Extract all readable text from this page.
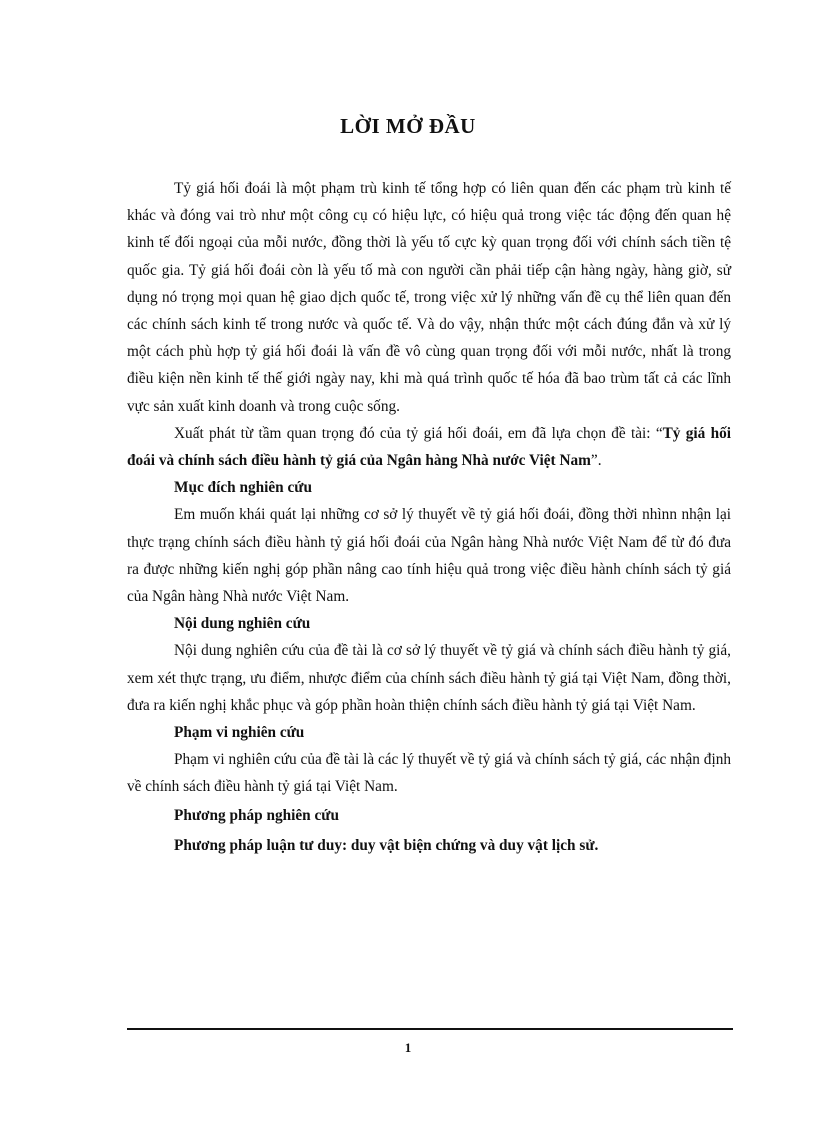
LỜI MỞ ĐẦU

Tỷ giá hối đoái là một phạm trù kinh tế tổng hợp có liên quan đến các phạm trù kinh tế khác và đóng vai trò như một công cụ có hiệu lực, có hiệu quả trong việc tác động đến quan hệ kinh tế đối ngoại của mỗi nước, đồng thời là yếu tố cực kỳ quan trọng đối với chính sách tiền tệ quốc gia. Tỷ giá hối đoái còn là yếu tố mà con người cần phải tiếp cận hàng ngày, hàng giờ, sử dụng nó trọng mọi quan hệ giao dịch quốc tế, trong việc xử lý những vấn đề cụ thể liên quan đến các chính sách kinh tế trong nước và quốc tế. Và do vậy, nhận thức một cách đúng đắn và xử lý một cách phù hợp tỷ giá hối đoái là vấn đề vô cùng quan trọng đối với mỗi nước, nhất là trong điều kiện nền kinh tế thế giới ngày nay, khi mà quá trình quốc tế hóa đã bao trùm tất cả các lĩnh vực sản xuất kinh doanh và trong cuộc sống.

Xuất phát từ tầm quan trọng đó của tỷ giá hối đoái, em đã lựa chọn đề tài: “Tỷ giá hối đoái và chính sách điều hành tỷ giá của Ngân hàng Nhà nước Việt Nam”.

Mục đích nghiên cứu

Em muốn khái quát lại những cơ sở lý thuyết về tỷ giá hối đoái, đồng thời nhìnn nhận lại thực trạng chính sách điều hành tỷ giá hối đoái của Ngân hàng Nhà nước Việt Nam để từ đó đưa ra được những kiến nghị góp phần nâng cao tính hiệu quả trong việc điều hành chính sách tỷ giá của Ngân hàng Nhà nước Việt Nam.

Nội dung nghiên cứu

Nội dung nghiên cứu của đề tài là cơ sở lý thuyết về tỷ giá và chính sách điều hành tỷ giá, xem xét thực trạng, ưu điểm, nhược điểm của chính sách điều hành tỷ giá tại Việt Nam, đồng thời, đưa ra kiến nghị khắc phục và góp phần hoàn thiện chính sách điều hành tỷ giá tại Việt Nam.

Phạm vi nghiên cứu

Phạm vi nghiên cứu của đề tài là các lý thuyết về tỷ giá và chính sách tỷ giá, các nhận định về chính sách điều hành tỷ giá tại Việt Nam.

Phương pháp nghiên cứu
Phương pháp luận tư duy: duy vật biện chứng và duy vật lịch sử.
1
